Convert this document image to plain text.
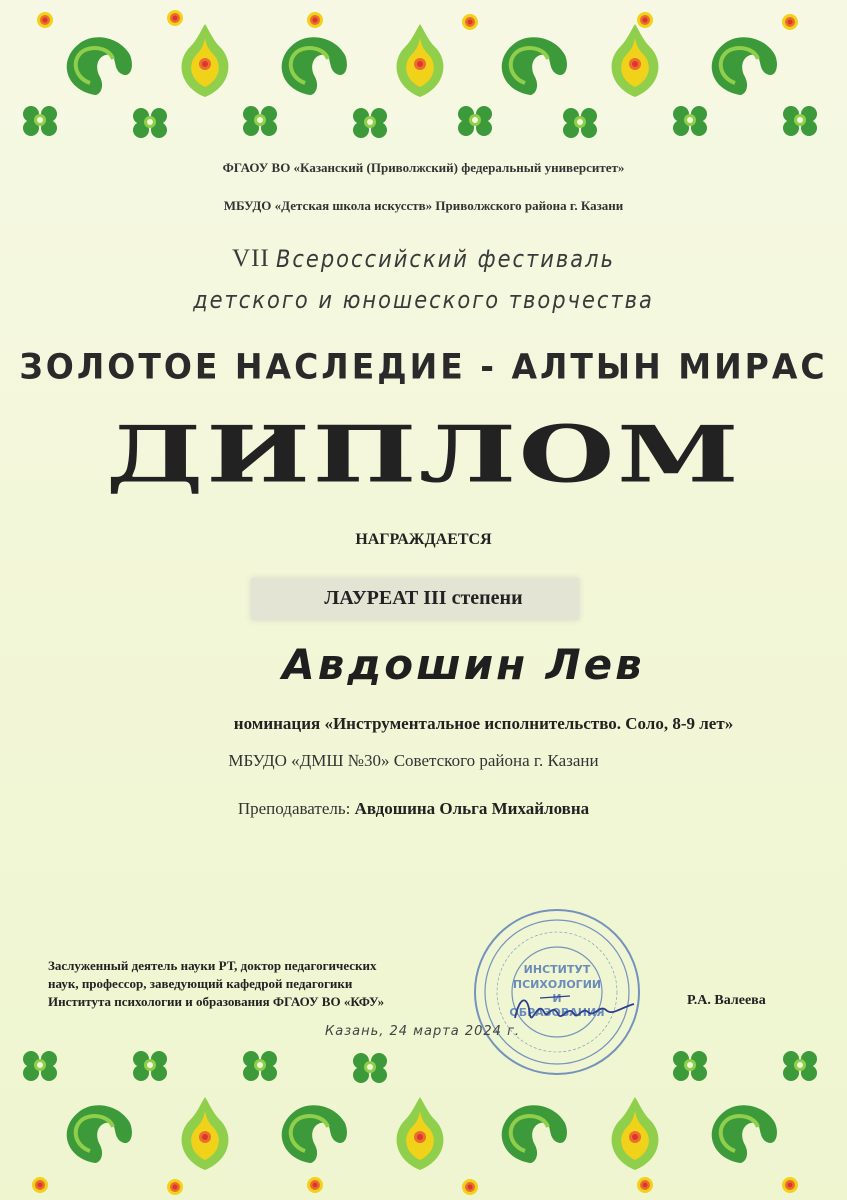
ФГАОУ ВО «Казанский (Приволжский) федеральный университет»
МБУДО «Детская школа искусств» Приволжского района г. Казани
VII Всероссийский фестиваль
детского и юношеского творчества
ЗОЛОТОЕ НАСЛЕДИЕ - АЛТЫН МИРАС
ДИПЛОМ
НАГРАЖДАЕТСЯ
ЛАУРЕАТ III степени
Авдошин Лев
номинация «Инструментальное исполнительство. Соло, 8-9 лет»
МБУДО «ДМШ №30» Советского района г. Казани
Преподаватель: Авдошина Ольга Михайловна
Заслуженный деятель науки РТ, доктор педагогических
наук, профессор, заведующий кафедрой педагогики
Института психологии и образования ФГАОУ ВО «КФУ»
ИНСТИТУТ
ПСИХОЛОГИИ
И
ОБРАЗОВАНИЯ
Р.А. Валеева
Казань, 24 марта 2024 г.
